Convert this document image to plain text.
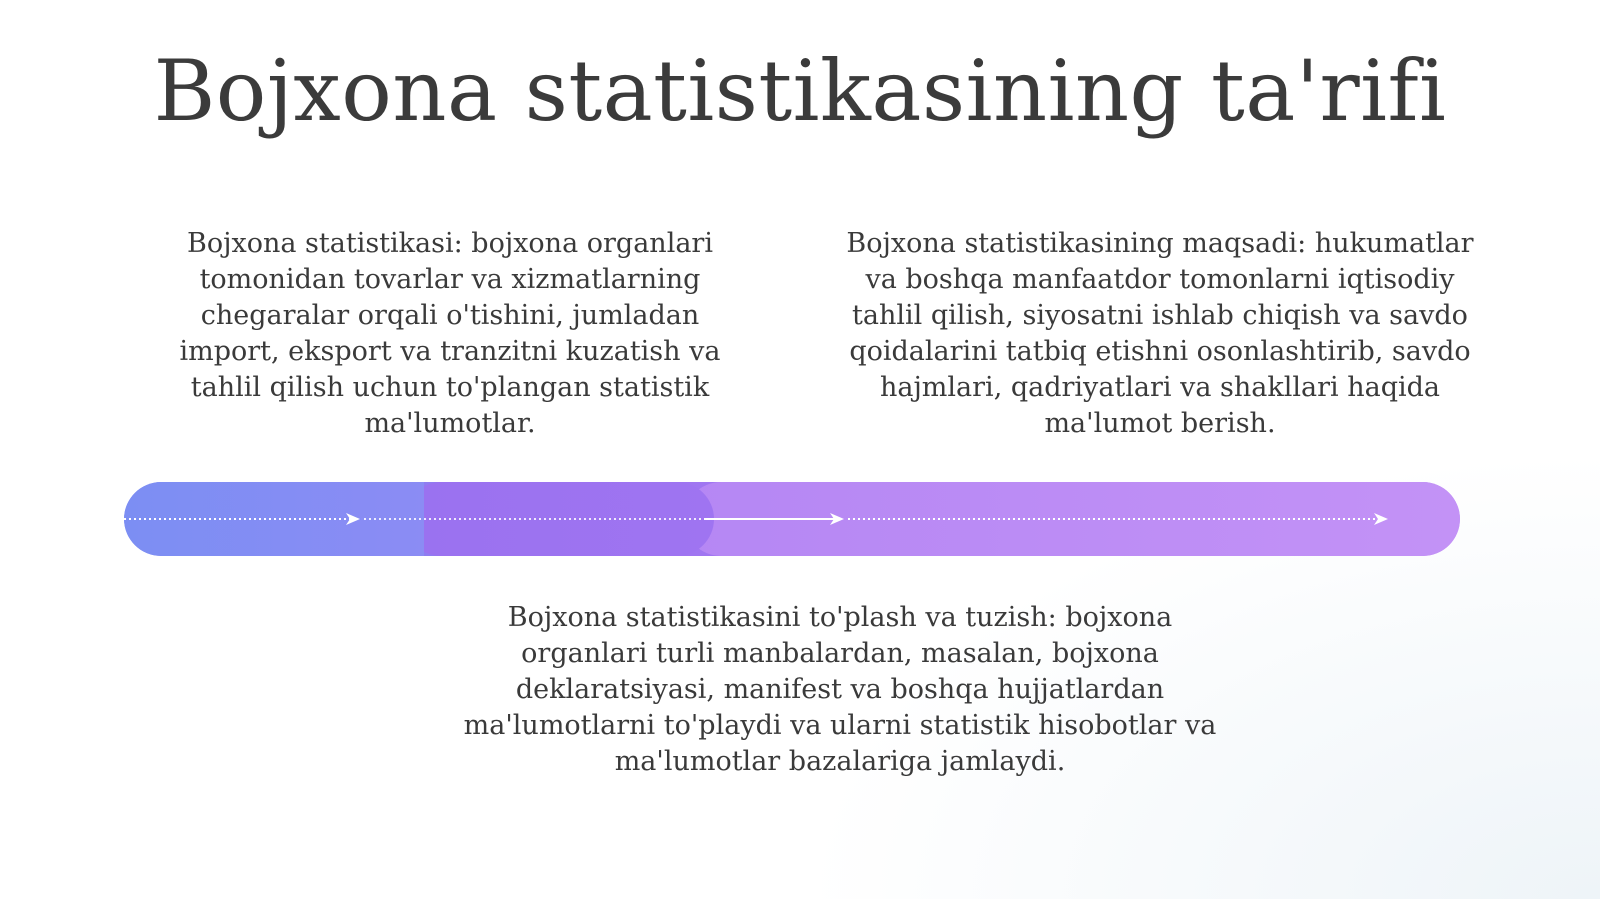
Bojxona statistikasining ta'rifi
Bojxona statistikasi: bojxona organlari tomonidan tovarlar va xizmatlarning chegaralar orqali o'tishini, jumladan import, eksport va tranzitni kuzatish va tahlil qilish uchun to'plangan statistik ma'lumotlar.
Bojxona statistikasining maqsadi: hukumatlar va boshqa manfaatdor tomonlarni iqtisodiy tahlil qilish, siyosatni ishlab chiqish va savdo qoidalarini tatbiq etishni osonlashtirib, savdo hajmlari, qadriyatlari va shakllari haqida ma'lumot berish.
Bojxona statistikasini to'plash va tuzish: bojxona organlari turli manbalardan, masalan, bojxona deklaratsiyasi, manifest va boshqa hujjatlardan ma'lumotlarni to'playdi va ularni statistik hisobotlar va ma'lumotlar bazalariga jamlaydi.
